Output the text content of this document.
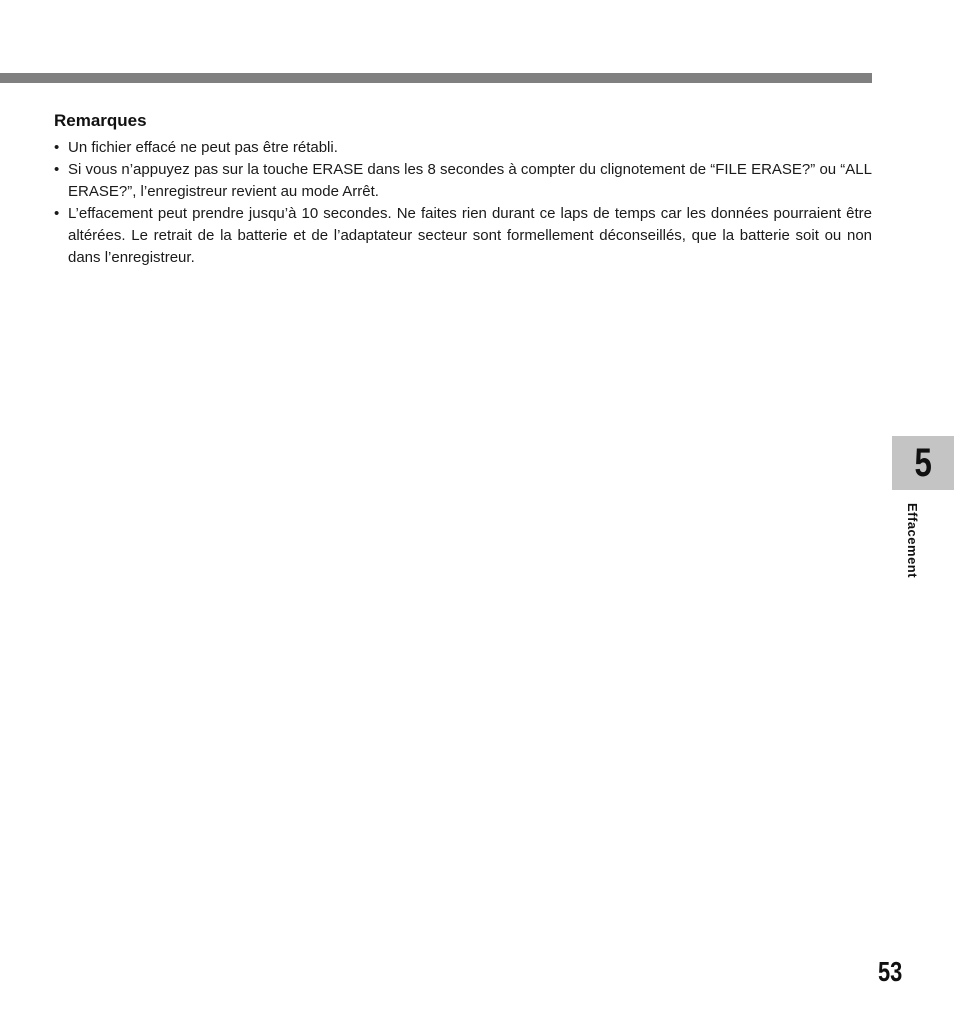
Remarques
• Un fichier effacé ne peut pas être rétabli.
• Si vous n’appuyez pas sur la touche ERASE dans les 8 secondes à compter du clignotement de “FILE ERASE?” ou “ALL ERASE?”, l’enregistreur revient au mode Arrêt.
• L’effacement peut prendre jusqu’à 10 secondes. Ne faites rien durant ce laps de temps car les données pourraient être altérées. Le retrait de la batterie et de l’adaptateur secteur sont formellement déconseillés, que la batterie soit ou non dans l’enregistreur.
5
Effacement
53
